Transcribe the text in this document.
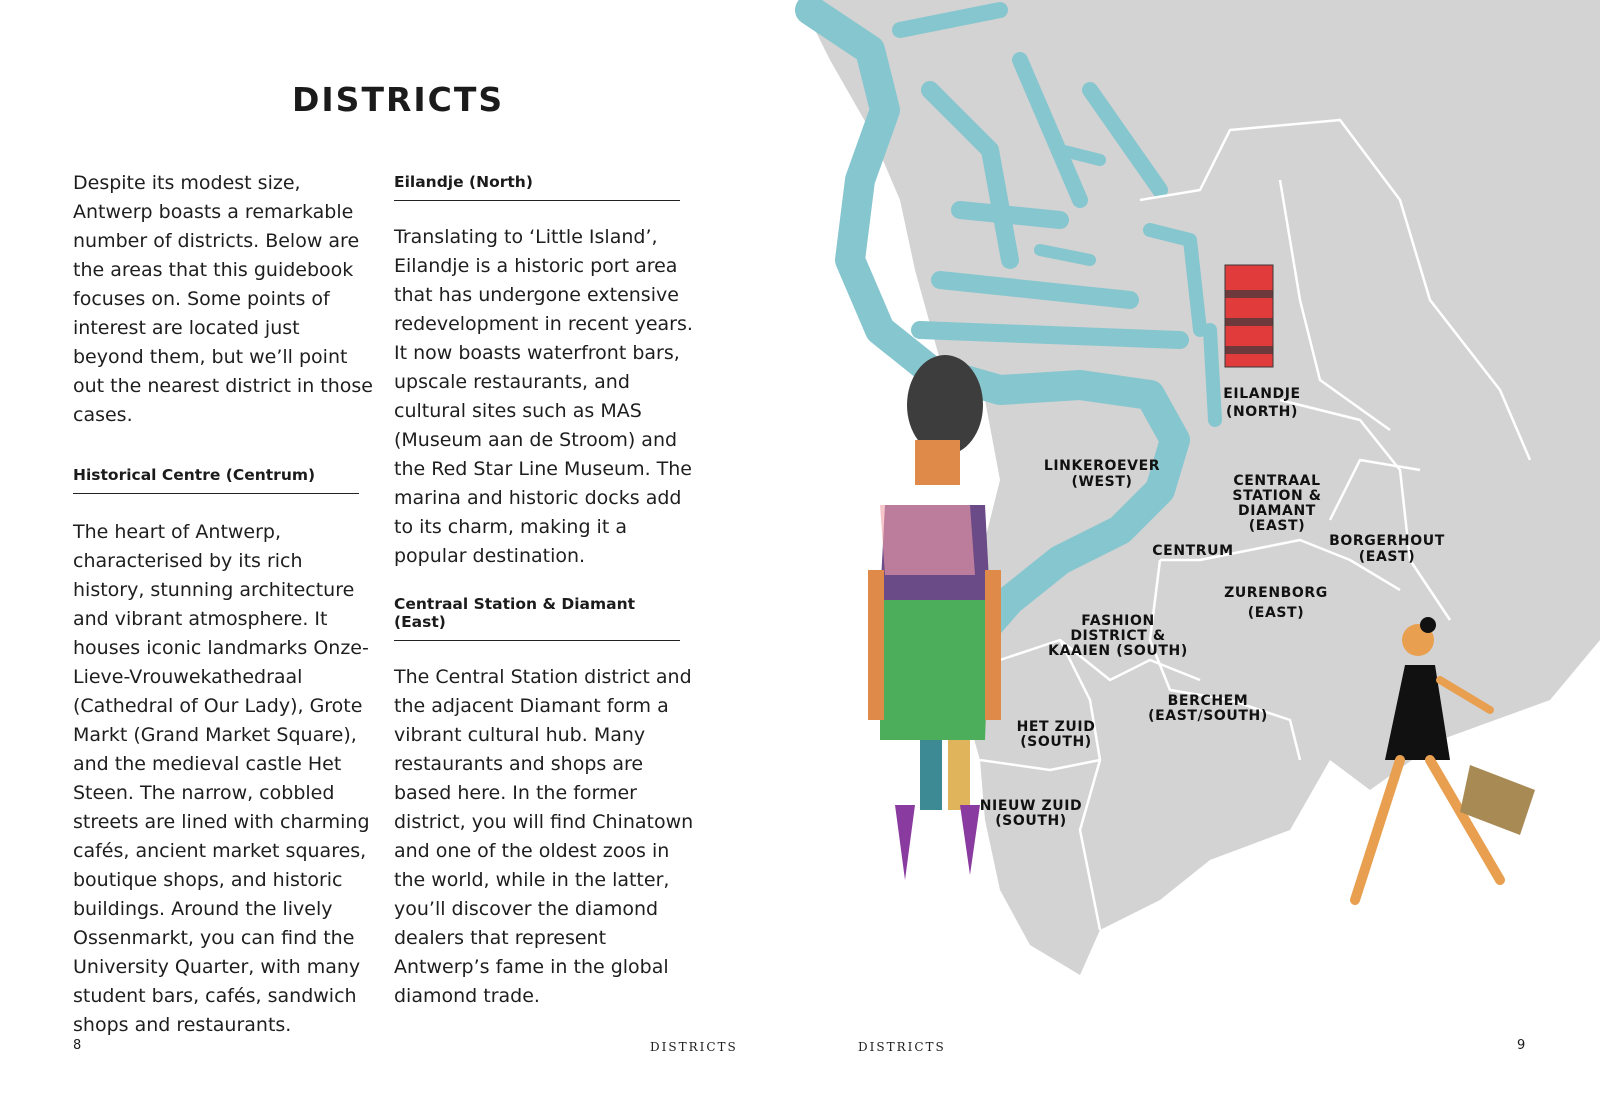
EILANDJE (NORTH)
LINKEROEVER (WEST)	CENTRAAL STATION & DIAMANT (EAST)
CENTRUM
BORGERHOUT (EAST)
ZURENBORG (EAST)
FASHION DISTRICT & KAAIEN (SOUTH)
BERCHEM (EAST/SOUTH)
HET ZUID (SOUTH)
NIEUW ZUID (SOUTH)
DISTRICTS

Despite its modest size, Antwerp boasts a remarkable number of districts. Below are the areas that this guidebook focuses on. Some points of interest are located just beyond them, but we’ll point out the nearest district in those cases.

Historical Centre (Centrum)

The heart of Antwerp, characterised by its rich history, stunning architecture and vibrant atmosphere. It houses iconic landmarks Onze-Lieve-Vrouwekathedraal (Cathedral of Our Lady), Grote Markt (Grand Market Square), and the medieval castle Het Steen. The narrow, cobbled streets are lined with charming cafés, ancient market squares, boutique shops, and historic buildings. Around the lively Ossenmarkt, you can find the University Quarter, with many student bars, cafés, sandwich shops and restaurants.

Eilandje (North)

Translating to ‘Little Island’, Eilandje is a historic port area that has undergone extensive redevelopment in recent years. It now boasts waterfront bars, upscale restaurants, and cultural sites such as MAS (Museum aan de Stroom) and the Red Star Line Museum. The marina and historic docks add to its charm, making it a popular destination.

Centraal Station & Diamant (East)

The Central Station district and the adjacent Diamant form a vibrant cultural hub. Many restaurants and shops are based here. In the former district, you will find Chinatown and one of the oldest zoos in the world, while in the latter, you’ll discover the diamond dealers that represent Antwerp’s fame in the global diamond trade.

8	DISTRICTS	DISTRICTS	9
